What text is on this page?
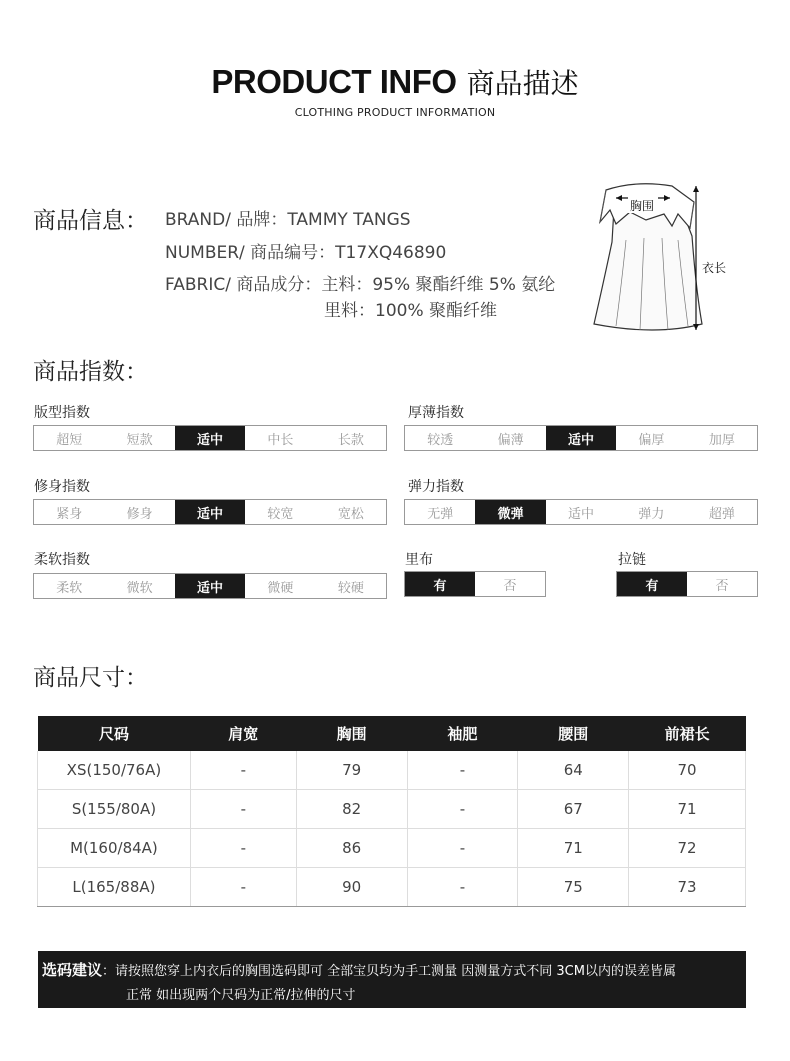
PRODUCT INFO 商品描述
CLOTHING PRODUCT INFORMATION
商品信息： BRAND/ 品牌：TAMMY TANGS
NUMBER/ 商品编号：T17XQ46890
FABRIC/ 商品成分：主料：95% 聚酯纤维 5% 氨纶
里料：100% 聚酯纤维
胸围
衣长
商品指数：
版型指数
超短	短款	适中	中长	长款
厚薄指数
较透	偏薄	适中	偏厚	加厚
修身指数
紧身	修身	适中	较宽	宽松
弹力指数
无弹	微弹	适中	弹力	超弹
柔软指数
柔软	微软	适中	微硬	较硬
里布
有	否
拉链
有	否
商品尺寸：
尺码	肩宽	胸围	袖肥	腰围	前裙长
XS(150/76A)	-	79	-	64	70
S(155/80A)	-	82	-	67	71
M(160/84A)	-	86	-	71	72
L(165/88A)	-	90	-	75	73
选码建议：请按照您穿上内衣后的胸围选码即可 全部宝贝均为手工测量 因测量方式不同 3CM以内的误差皆属
正常 如出现两个尺码为正常/拉伸的尺寸
